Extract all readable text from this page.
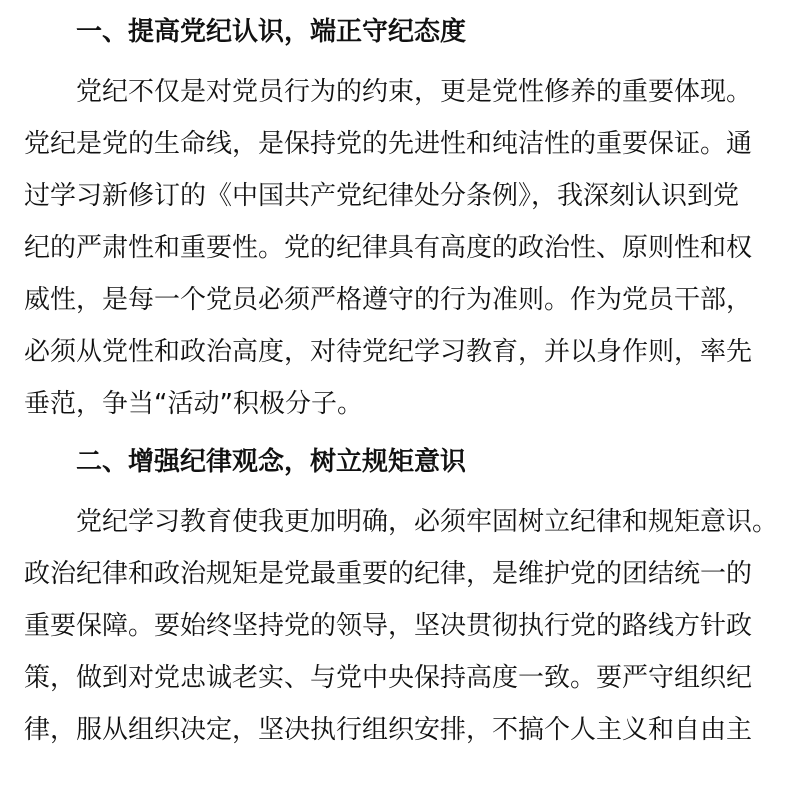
一、提高党纪认识，端正守纪态度
党纪不仅是对党员行为的约束，更是党性修养的重要体现。
党纪是党的生命线，是保持党的先进性和纯洁性的重要保证。通
过学习新修订的《中国共产党纪律处分条例》，我深刻认识到党
纪的严肃性和重要性。党的纪律具有高度的政治性、原则性和权
威性，是每一个党员必须严格遵守的行为准则。作为党员干部，
必须从党性和政治高度，对待党纪学习教育，并以身作则，率先
垂范，争当“活动”积极分子。
二、增强纪律观念，树立规矩意识
党纪学习教育使我更加明确，必须牢固树立纪律和规矩意识。
政治纪律和政治规矩是党最重要的纪律，是维护党的团结统一的
重要保障。要始终坚持党的领导，坚决贯彻执行党的路线方针政
策，做到对党忠诚老实、与党中央保持高度一致。要严守组织纪
律，服从组织决定，坚决执行组织安排，不搞个人主义和自由主
